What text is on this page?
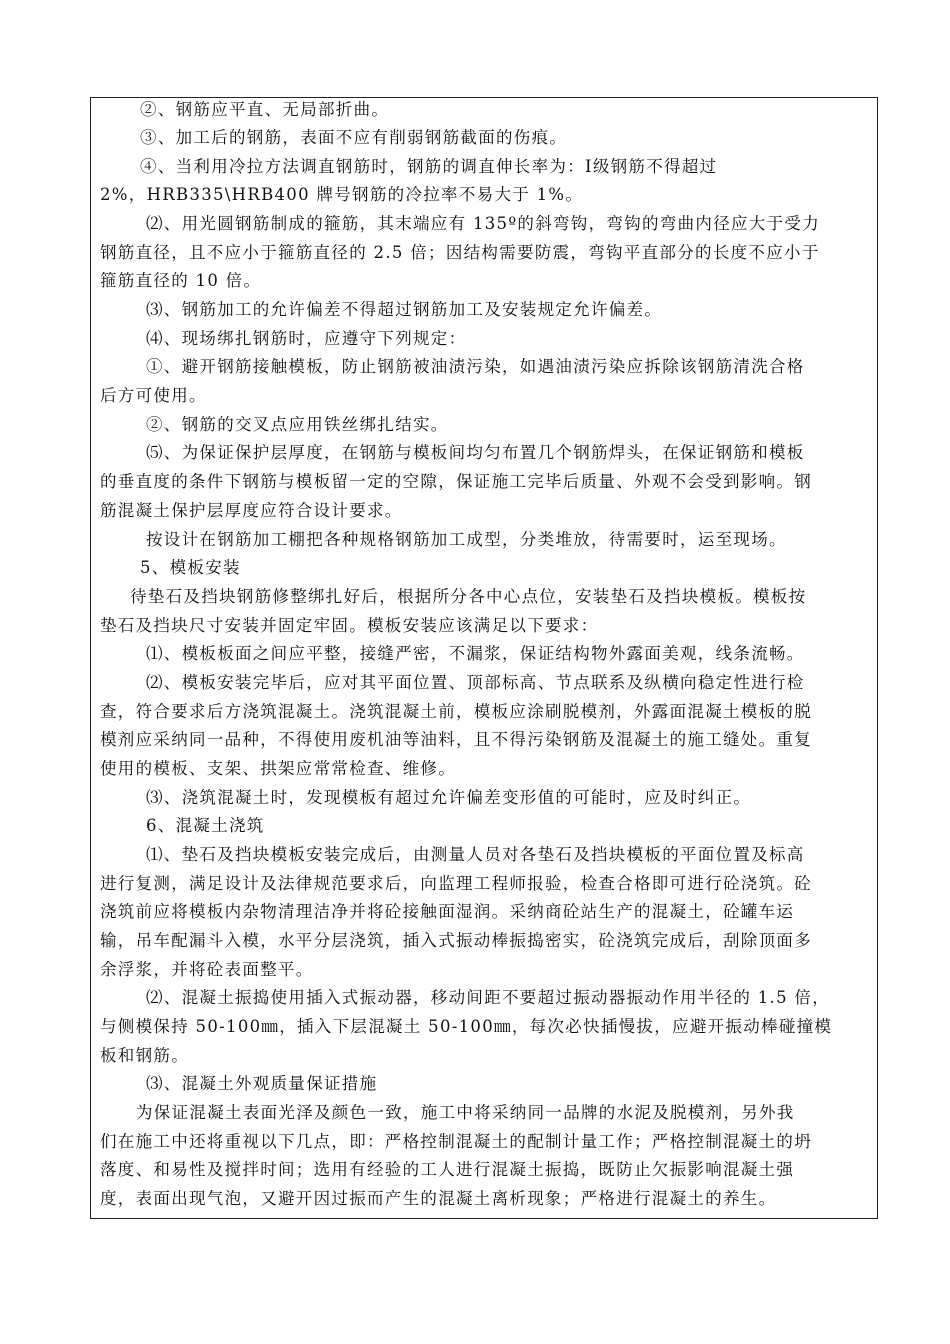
②、钢筋应平直、无局部折曲。
③、加工后的钢筋，表面不应有削弱钢筋截面的伤痕。
④、当利用冷拉方法调直钢筋时，钢筋的调直伸长率为：Ⅰ级钢筋不得超过
2%，HRB335\HRB400 牌号钢筋的冷拉率不易大于 1%。
⑵、用光圆钢筋制成的箍筋，其末端应有 135º的斜弯钩，弯钩的弯曲内径应大于受力
钢筋直径，且不应小于箍筋直径的 2.5 倍；因结构需要防震，弯钩平直部分的长度不应小于
箍筋直径的 10 倍。
⑶、钢筋加工的允许偏差不得超过钢筋加工及安装规定允许偏差。
⑷、现场绑扎钢筋时，应遵守下列规定：
①、避开钢筋接触模板，防止钢筋被油渍污染，如遇油渍污染应拆除该钢筋清洗合格
后方可使用。
②、钢筋的交叉点应用铁丝绑扎结实。
⑸、为保证保护层厚度，在钢筋与模板间均匀布置几个钢筋焊头，在保证钢筋和模板
的垂直度的条件下钢筋与模板留一定的空隙，保证施工完毕后质量、外观不会受到影响。钢
筋混凝土保护层厚度应符合设计要求。
按设计在钢筋加工棚把各种规格钢筋加工成型，分类堆放，待需要时，运至现场。
5、模板安装
待垫石及挡块钢筋修整绑扎好后，根据所分各中心点位，安装垫石及挡块模板。模板按
垫石及挡块尺寸安装并固定牢固。模板安装应该满足以下要求：
⑴、模板板面之间应平整，接缝严密，不漏浆，保证结构物外露面美观，线条流畅。
⑵、模板安装完毕后，应对其平面位置、顶部标高、节点联系及纵横向稳定性进行检
查，符合要求后方浇筑混凝土。浇筑混凝土前，模板应涂刷脱模剂，外露面混凝土模板的脱
模剂应采纳同一品种，不得使用废机油等油料，且不得污染钢筋及混凝土的施工缝处。重复
使用的模板、支架、拱架应常常检查、维修。
⑶、浇筑混凝土时，发现模板有超过允许偏差变形值的可能时，应及时纠正。
6、混凝土浇筑
⑴、垫石及挡块模板安装完成后，由测量人员对各垫石及挡块模板的平面位置及标高
进行复测，满足设计及法律规范要求后，向监理工程师报验，检查合格即可进行砼浇筑。砼
浇筑前应将模板内杂物清理洁净并将砼接触面湿润。采纳商砼站生产的混凝土，砼罐车运
输，吊车配漏斗入模，水平分层浇筑，插入式振动棒振捣密实，砼浇筑完成后，刮除顶面多
余浮浆，并将砼表面整平。
⑵、混凝土振捣使用插入式振动器，移动间距不要超过振动器振动作用半径的 1.5 倍，
与侧模保持 50-100㎜，插入下层混凝土 50-100㎜，每次必快插慢拔，应避开振动棒碰撞模
板和钢筋。
⑶、混凝土外观质量保证措施
为保证混凝土表面光泽及颜色一致，施工中将采纳同一品牌的水泥及脱模剂，另外我
们在施工中还将重视以下几点，即：严格控制混凝土的配制计量工作；严格控制混凝土的坍
落度、和易性及搅拌时间；选用有经验的工人进行混凝土振捣，既防止欠振影响混凝土强
度，表面出现气泡，又避开因过振而产生的混凝土离析现象；严格进行混凝土的养生。
